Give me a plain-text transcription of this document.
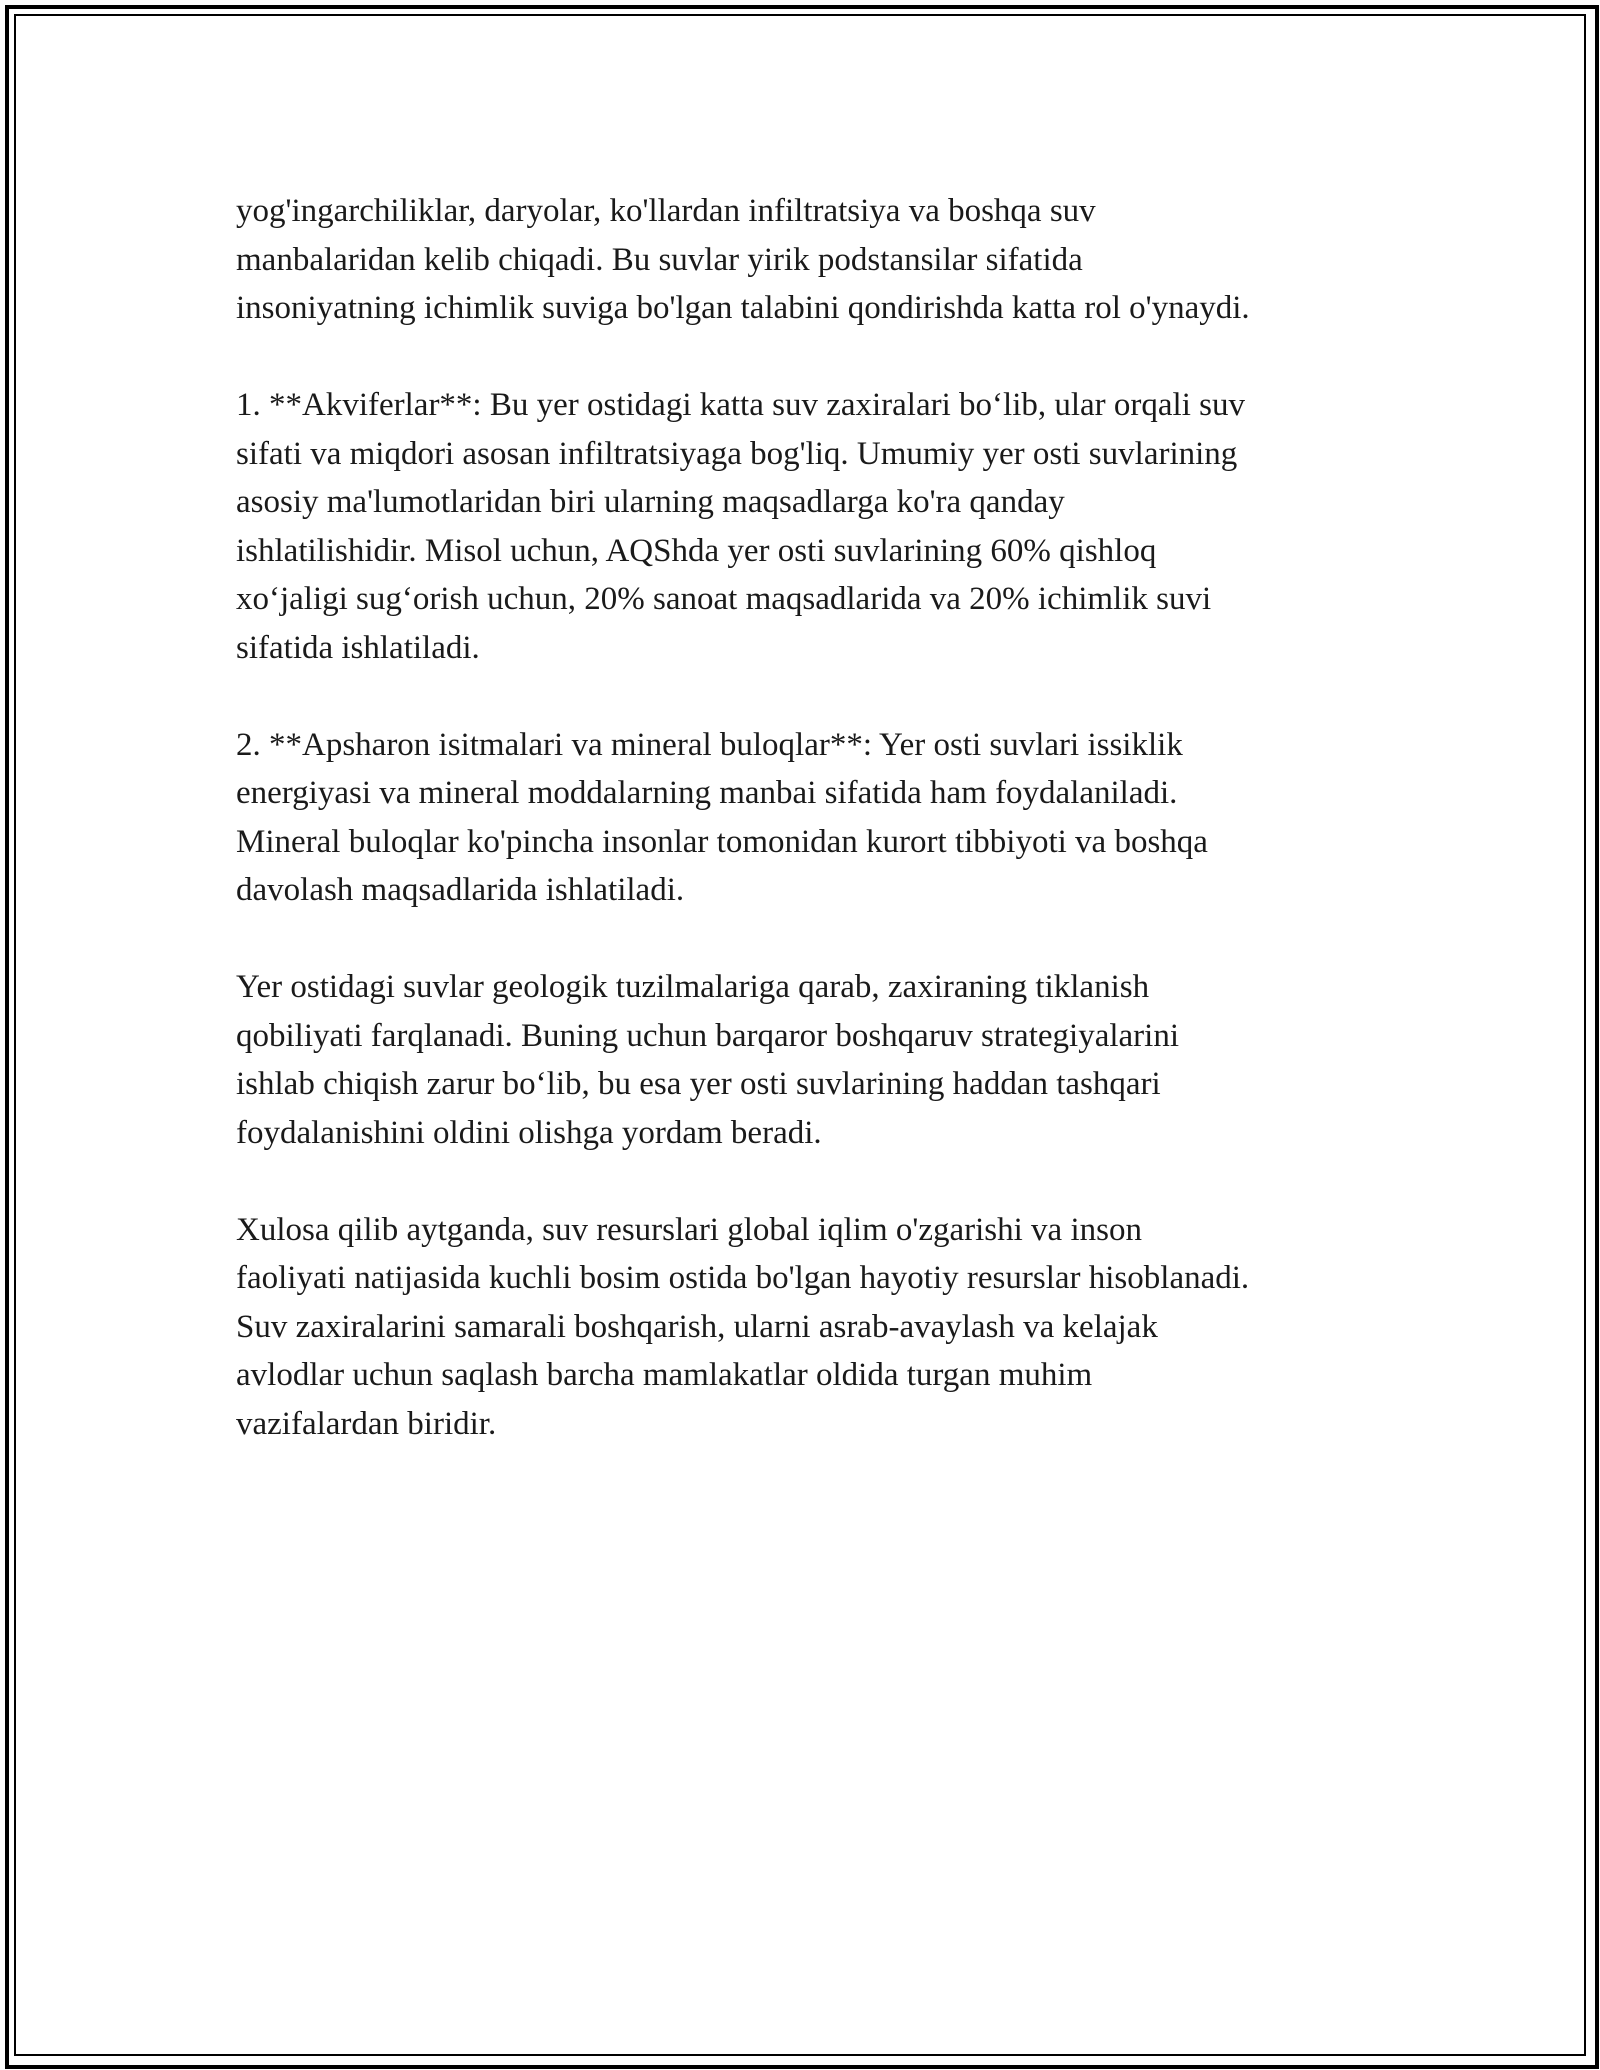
yog'ingarchiliklar, daryolar, ko'llardan infiltratsiya va boshqa suv
manbalaridan kelib chiqadi. Bu suvlar yirik podstansilar sifatida
insoniyatning ichimlik suviga bo'lgan talabini qondirishda katta rol o'ynaydi.

1. **Akviferlar**: Bu yer ostidagi katta suv zaxiralari bo‘lib, ular orqali suv
sifati va miqdori asosan infiltratsiyaga bog'liq. Umumiy yer osti suvlarining
asosiy ma'lumotlaridan biri ularning maqsadlarga ko'ra qanday
ishlatilishidir. Misol uchun, AQShda yer osti suvlarining 60% qishloq
xo‘jaligi sug‘orish uchun, 20% sanoat maqsadlarida va 20% ichimlik suvi
sifatida ishlatiladi.

2. **Apsharon isitmalari va mineral buloqlar**: Yer osti suvlari issiklik
energiyasi va mineral moddalarning manbai sifatida ham foydalaniladi.
Mineral buloqlar ko'pincha insonlar tomonidan kurort tibbiyoti va boshqa
davolash maqsadlarida ishlatiladi.

Yer ostidagi suvlar geologik tuzilmalariga qarab, zaxiraning tiklanish
qobiliyati farqlanadi. Buning uchun barqaror boshqaruv strategiyalarini
ishlab chiqish zarur bo‘lib, bu esa yer osti suvlarining haddan tashqari
foydalanishini oldini olishga yordam beradi.

Xulosa qilib aytganda, suv resurslari global iqlim o'zgarishi va inson
faoliyati natijasida kuchli bosim ostida bo'lgan hayotiy resurslar hisoblanadi.
Suv zaxiralarini samarali boshqarish, ularni asrab-avaylash va kelajak
avlodlar uchun saqlash barcha mamlakatlar oldida turgan muhim
vazifalardan biridir.
